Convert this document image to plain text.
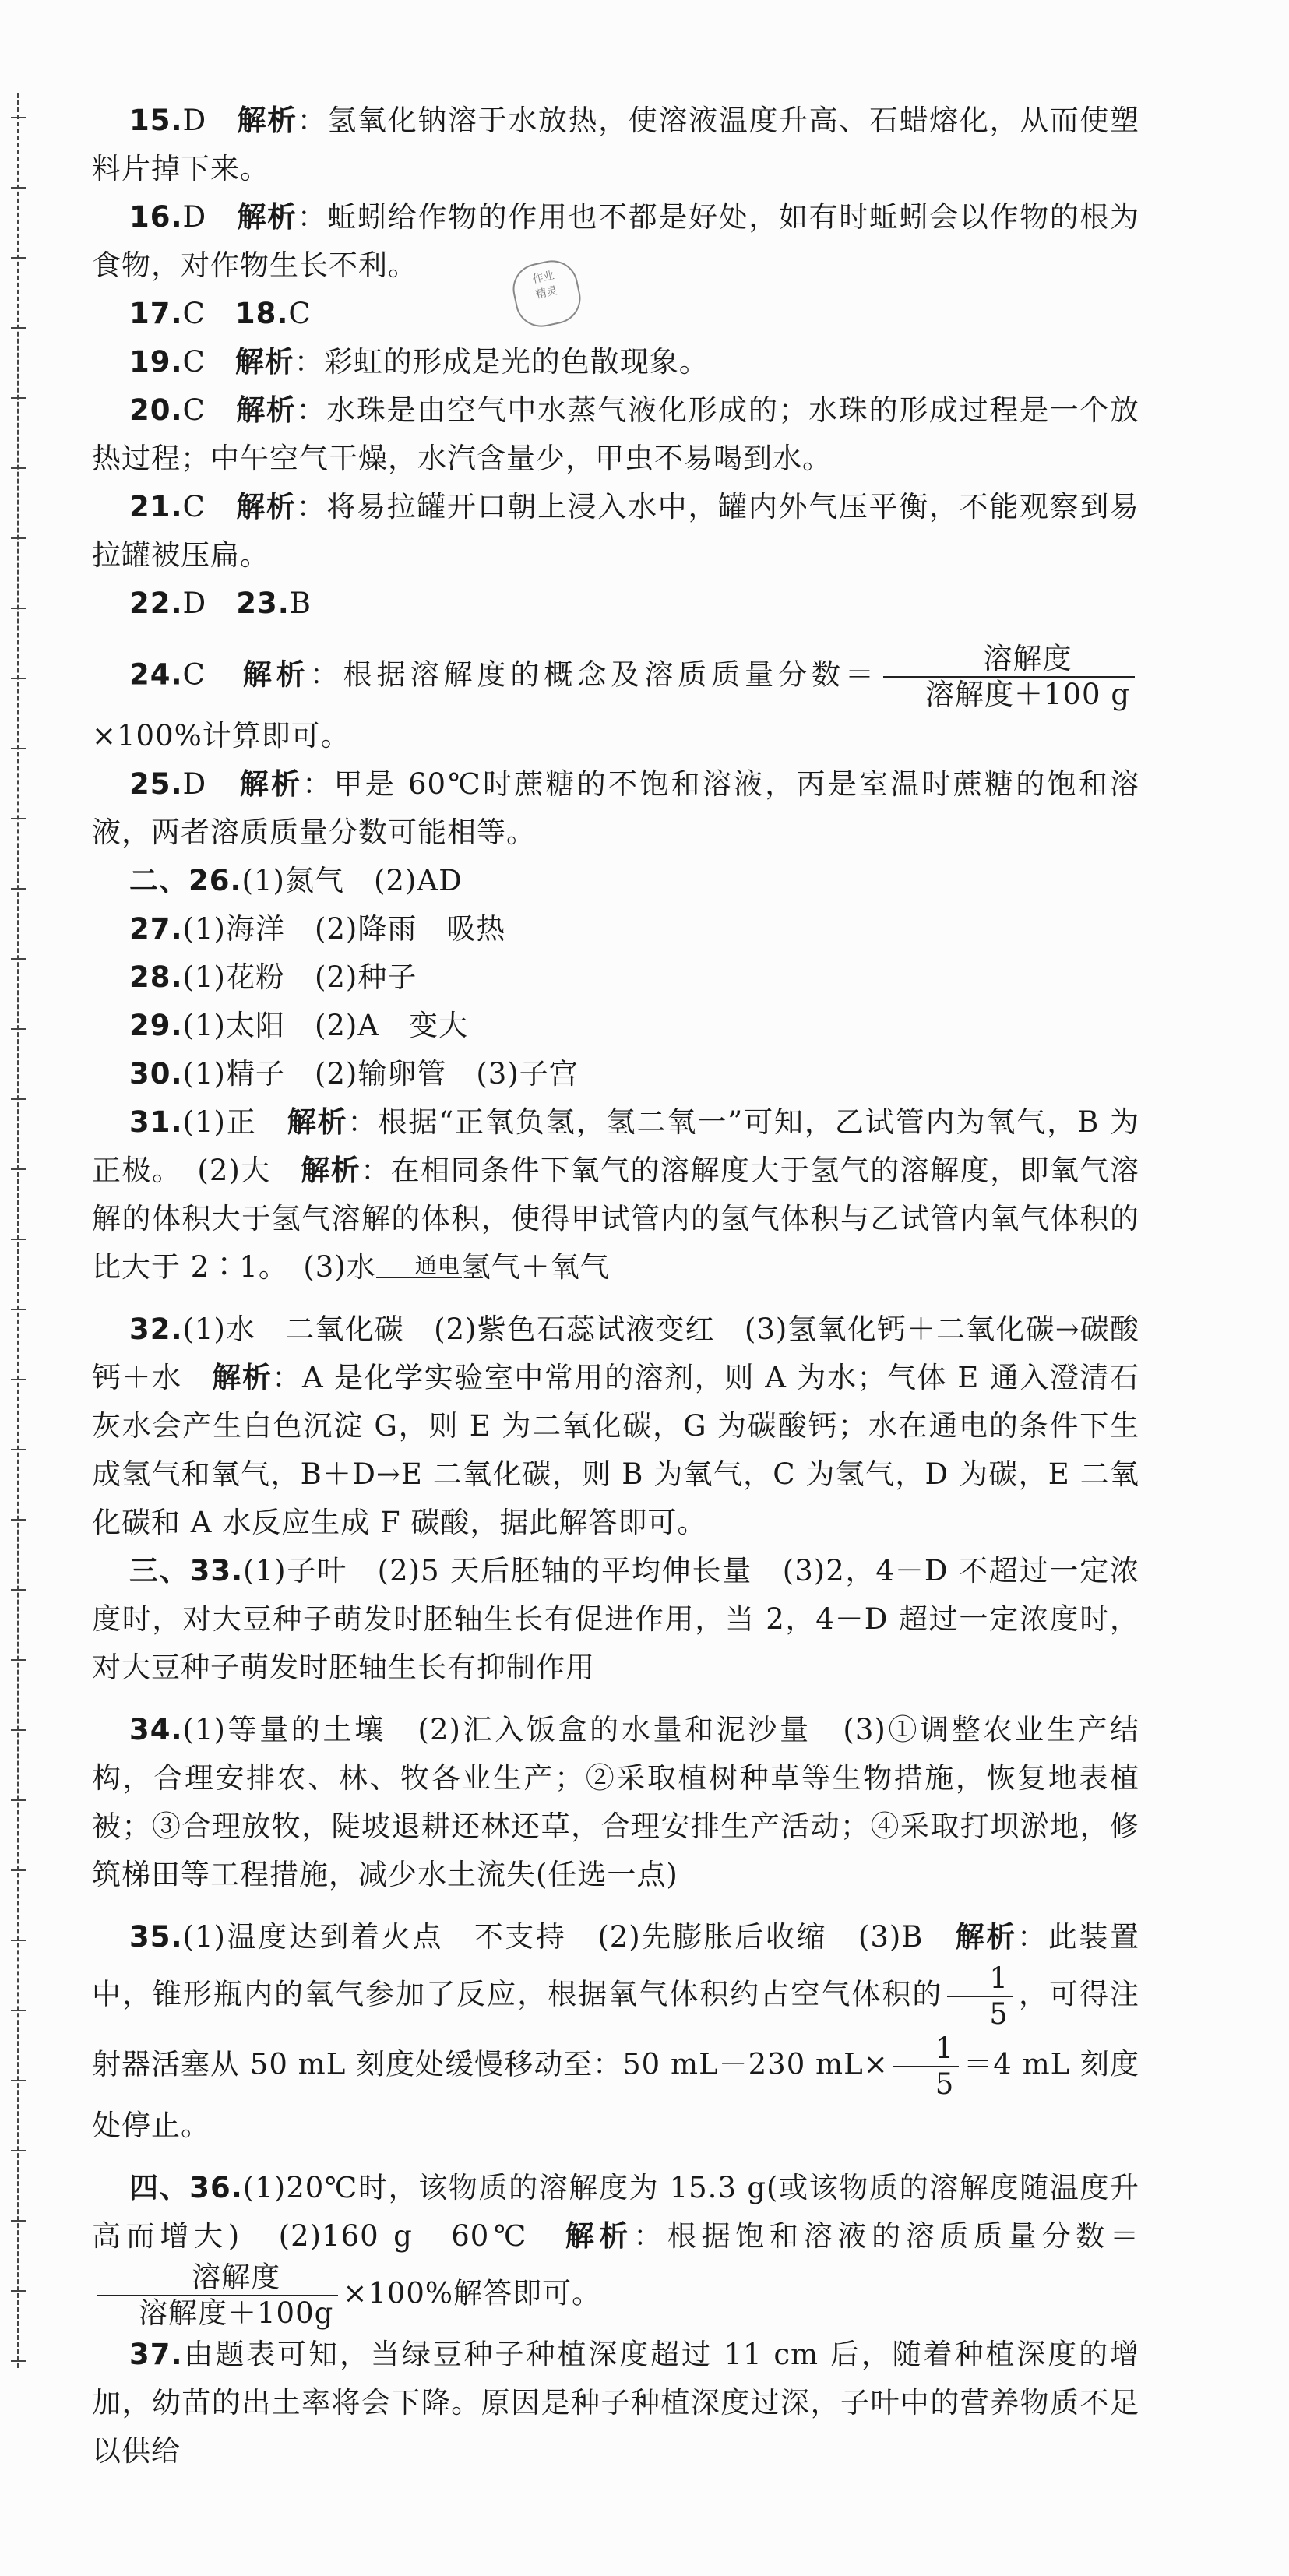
作业
精灵

15.D　 解析：氢氧化钠溶于水放热，使溶液温度升高、石蜡熔化，从而使塑料片掉下来。

16.D　 解析：蚯蚓给作物的作用也不都是好处，如有时蚯蚓会以作物的根为食物，对作物生长不利。

17.C　 18.C

19.C　 解析：彩虹的形成是光的色散现象。

20.C　 解析：水珠是由空气中水蒸气液化形成的；水珠的形成过程是一个放热过程；中午空气干燥，水汽含量少，甲虫不易喝到水。

21.C　 解析：将易拉罐开口朝上浸入水中，罐内外气压平衡，不能观察到易拉罐被压扁。

22.D　 23.B

24.C　 解析：根据溶解度的概念及溶质质量分数＝ $\frac{\text{溶解度}}{\text{溶解度＋100 g}}$
×100%计算即可。

25.D　 解析：甲是 60℃时蔗糖的不饱和溶液，丙是室温时蔗糖的饱和溶液，两者溶质质量分数可能相等。

二、26.(1)氮气　(2)AD

27.(1)海洋　(2)降雨　吸热

28.(1)花粉　(2)种子

29.(1)太阳　(2)A　变大

30.(1)精子　(2)输卵管　(3)子宫

31.(1)正　解析：根据“正氧负氢，氢二氧一”可知，乙试管内为氧气，B 为正极。　(2)大　解析：在相同条件下氧气的溶解度大于氢气的溶解度，即氧气溶解的体积大于氢气溶解的体积，使得甲试管内的氢气体积与乙试管内氧气体积的比大于 2∶1。　(3)水	通电 氢气＋氧气

32.(1)水　二氧化碳　(2)紫色石蕊试液变红　(3)氢氧化钙＋二氧化碳→碳酸钙＋水　解析：A 是化学实验室中常用的溶剂，则 A 为水；气体 E 通入澄清石灰水会产生白色沉淀 G，则 E 为二氧化碳，G 为碳酸钙；水在通电的条件下生成氢气和氧气，B＋D→E 二氧化碳，则 B 为氧气，C 为氢气，D 为碳，E 二氧化碳和 A 水反应生成 F 碳酸，据此解答即可。

三、33.(1)子叶　(2)5 天后胚轴的平均伸长量　(3)2，4－D 不超过一定浓度时，对大豆种子萌发时胚轴生长有促进作用，当 2，4－D 超过一定浓度时，对大豆种子萌发时胚轴生长有抑制作用

34.(1)等量的土壤　(2)汇入饭盒的水量和泥沙量　(3)①调整农业生产结构，合理安排农、林、牧各业生产；②采取植树种草等生物措施，恢复地表植被；③合理放牧，陡坡退耕还林还草，合理安排生产活动；④采取打坝淤地，修筑梯田等工程措施，减少水土流失(任选一点)

35.(1)温度达到着火点　不支持　(2)先膨胀后收缩　(3)B　解析：此装置中，锥形瓶内的氧气参加了反应，根据氧气体积约占空气体积的 $\frac{1}{5}$ ，可得注射器活塞从 50 mL 刻度处缓慢移动至：50 mL－230 $mL\times \frac{1}{5} =4$ mL 刻度处停止。

四、36.(1)20℃时，该物质的溶解度为 15.3 g(或该物质的溶解度随温度升高而增大)　(2)160 g　60℃　解析：根据饱和溶液的溶质质量分数＝
$\frac{\text{溶解度}}{\text{溶解度＋100g}} \times 100\%$解答即可。

37.由题表可知，当绿豆种子种植深度超过 11 cm 后，随着种植深度的增加，幼苗的出土率将会下降。原因是种子种植深度过深，子叶中的营养物质不足以供给
